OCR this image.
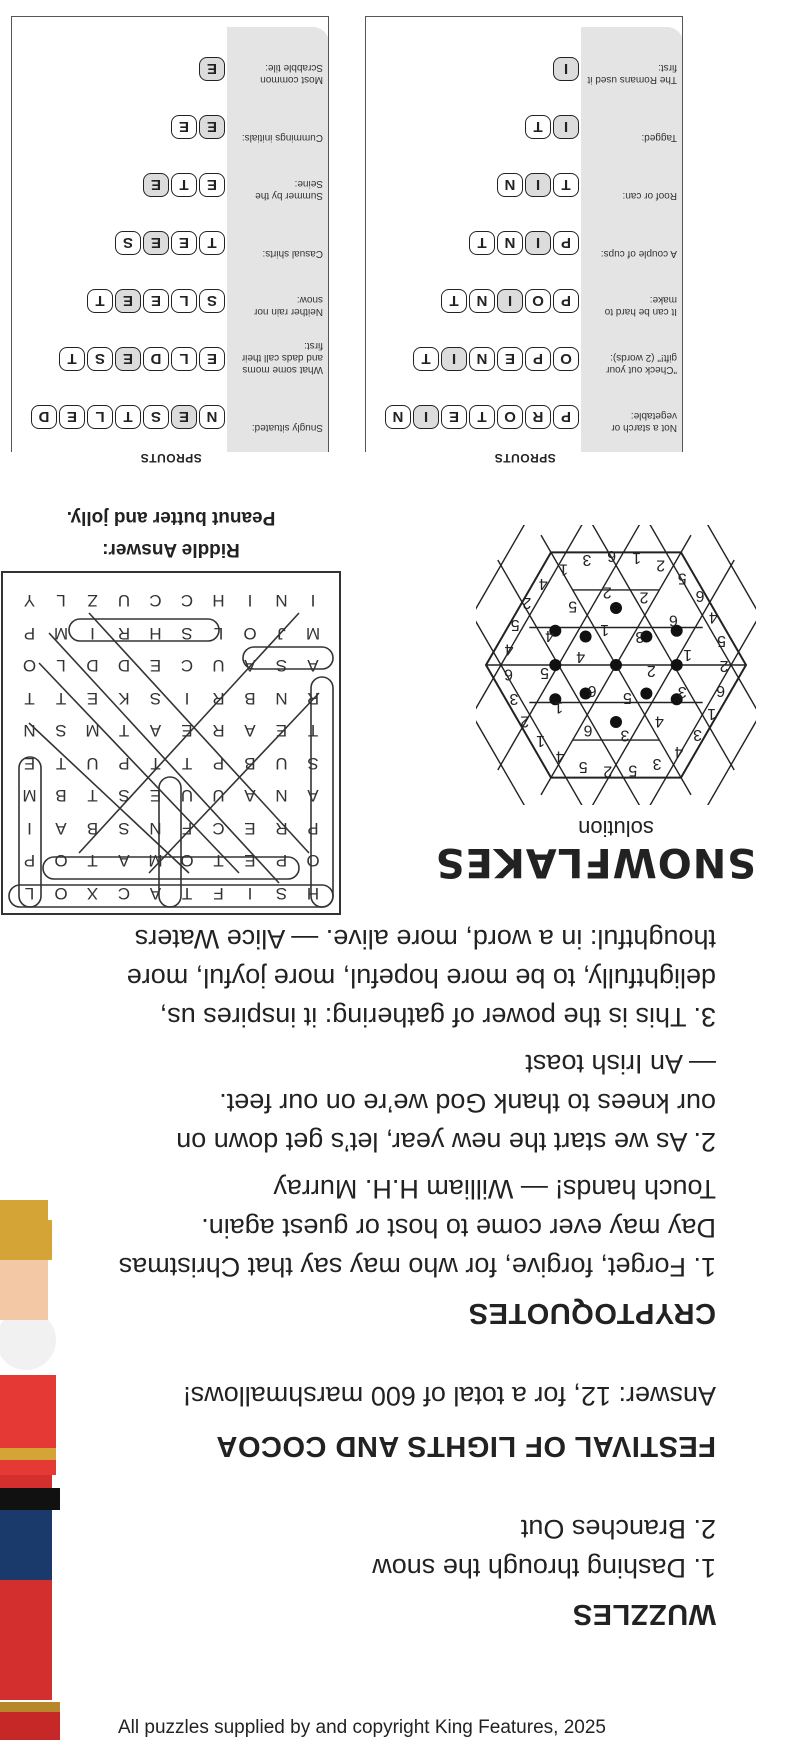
WUZZLES
1. Dashing through the snow
2. Branches Out
FESTIVAL OF LIGHTS AND COCOA
Answer: 12, for a total of 600 marshmallows!
CRYPTOQUOTES
1. Forget, forgive, for who may say that Christmas
Day may ever come to host or guest again.
Touch hands! — William H.H. Murray
2. As we start the new year, let’s get down on
our knees to thank God we’re on our feet.
— An Irish toast
3. This is the power of gathering: it inspires us,
delightfully, to be more hopeful, more joyful, more
thoughtful: in a word, more alive. — Alice Waters
SNOWFLAKES
solution
4
1 3
2
5
6
4
5
2 2
6
1
3
4
3
6
1
5
2
4
1
3 6 1 2
5
6
4
5
2
6
1
3
4
3
5
2
5
4
1
2
3
6
4
5
H
S
I
F
T
A
C
X
O
L
O
P
E
T
O
M
A
T
O
P
P
R
E
C
F
N
S
B
A
I
A
N
A
U
U
E
S
T
B
M
S
U
B
P
T
T
P
U
T
E
T
E
A
R
E
A
T
M
S
N
R
N
B
R
I
S
K
E
T
T
A
S
A
U
C
E
D
D
L
O
M
J
O
L
S
H
R
I
M
P
I
N
I
H
C
C
U
Z
L
Y
Riddle Answer:
Peanut butter and jolly.
SPROUTS
Not a starch or vegetable:
P
R
O
T
E
I
N
"Check out your gift!" (2 words):
O
P
E
N
I
T
It can be hard to make:
P
O
I
N
T
A couple of cups:
P
I
N
T
Roof or can:
T
I
N
Tagged:
I
T
The Romans used it first:
I
SPROUTS
Snugly situated:
N
E
S
T
L
E
D
What some moms and dads call their first:
E
L
D
E
S
T
Neither rain nor snow:
S
L
E
E
T
Casual shirts:
T
E
E
S
Summer by the Seine:
E
T
E
Cummings initials:
E
E
Most common Scrabble tile:
E
All puzzles supplied by and copyright King Features, 2025
